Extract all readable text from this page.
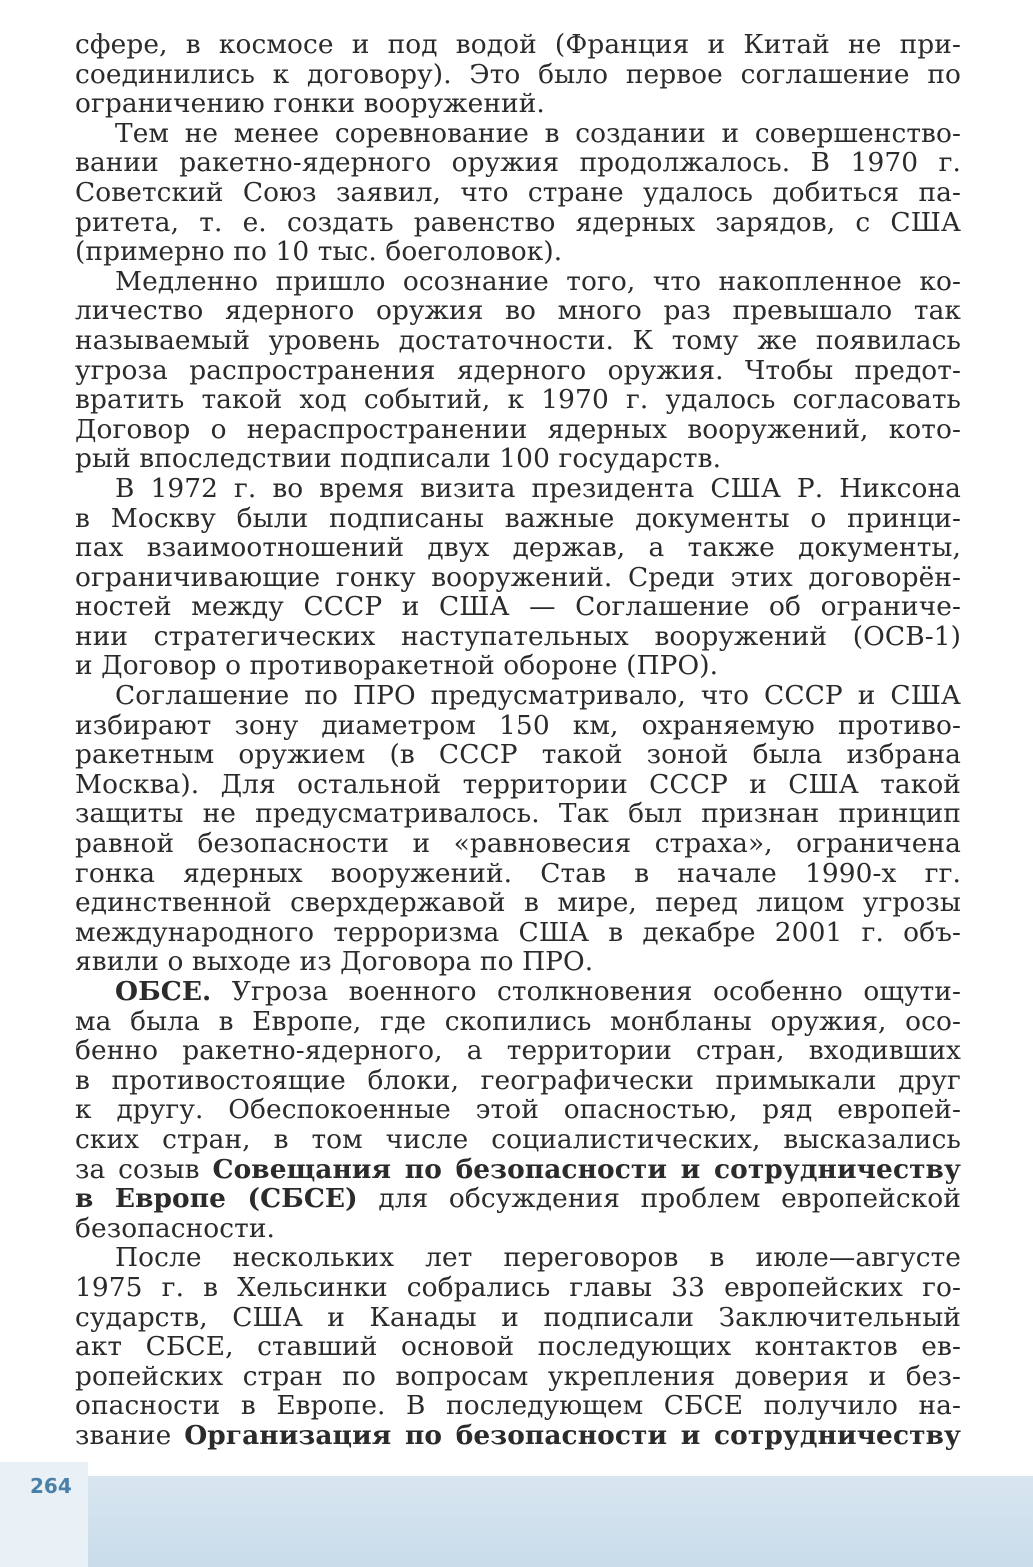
сфере, в космосе и под водой (Франция и Китай не при-
соединились к договору). Это было первое соглашение по
ограничению гонки вооружений.
Тем не менее соревнование в создании и совершенство-
вании ракетно-ядерного оружия продолжалось. В 1970 г.
Советский Союз заявил, что стране удалось добиться па-
ритета, т. е. создать равенство ядерных зарядов, с США
(примерно по 10 тыс. боеголовок).
Медленно пришло осознание того, что накопленное ко-
личество ядерного оружия во много раз превышало так
называемый уровень достаточности. К тому же появилась
угроза распространения ядерного оружия. Чтобы предот-
вратить такой ход событий, к 1970 г. удалось согласовать
Договор о нераспространении ядерных вооружений, кото-
рый впоследствии подписали 100 государств.
В 1972 г. во время визита президента США Р. Никсона
в Москву были подписаны важные документы о принци-
пах взаимоотношений двух держав, а также документы,
ограничивающие гонку вооружений. Среди этих договорён-
ностей между СССР и США — Соглашение об ограниче-
нии стратегических наступательных вооружений (ОСВ-1)
и Договор о противоракетной обороне (ПРО).
Соглашение по ПРО предусматривало, что СССР и США
избирают зону диаметром 150 км, охраняемую противо-
ракетным оружием (в СССР такой зоной была избрана
Москва). Для остальной территории СССР и США такой
защиты не предусматривалось. Так был признан принцип
равной безопасности и «равновесия страха», ограничена
гонка ядерных вооружений. Став в начале 1990-х гг.
единственной сверхдержавой в мире, перед лицом угрозы
международного терроризма США в декабре 2001 г. объ-
явили о выходе из Договора по ПРО.
ОБСЕ. Угроза военного столкновения особенно ощути-
ма была в Европе, где скопились монбланы оружия, осо-
бенно ракетно-ядерного, а территории стран, входивших
в противостоящие блоки, географически примыкали друг
к другу. Обеспокоенные этой опасностью, ряд европей-
ских стран, в том числе социалистических, высказались
за созыв Совещания по безопасности и сотрудничеству
в Европе (СБСЕ) для обсуждения проблем европейской
безопасности.
После нескольких лет переговоров в июле—августе
1975 г. в Хельсинки собрались главы 33 европейских го-
сударств, США и Канады и подписали Заключительный
акт СБСЕ, ставший основой последующих контактов ев-
ропейских стран по вопросам укрепления доверия и без-
опасности в Европе. В последующем СБСЕ получило на-
звание Организация по безопасности и сотрудничеству
264
